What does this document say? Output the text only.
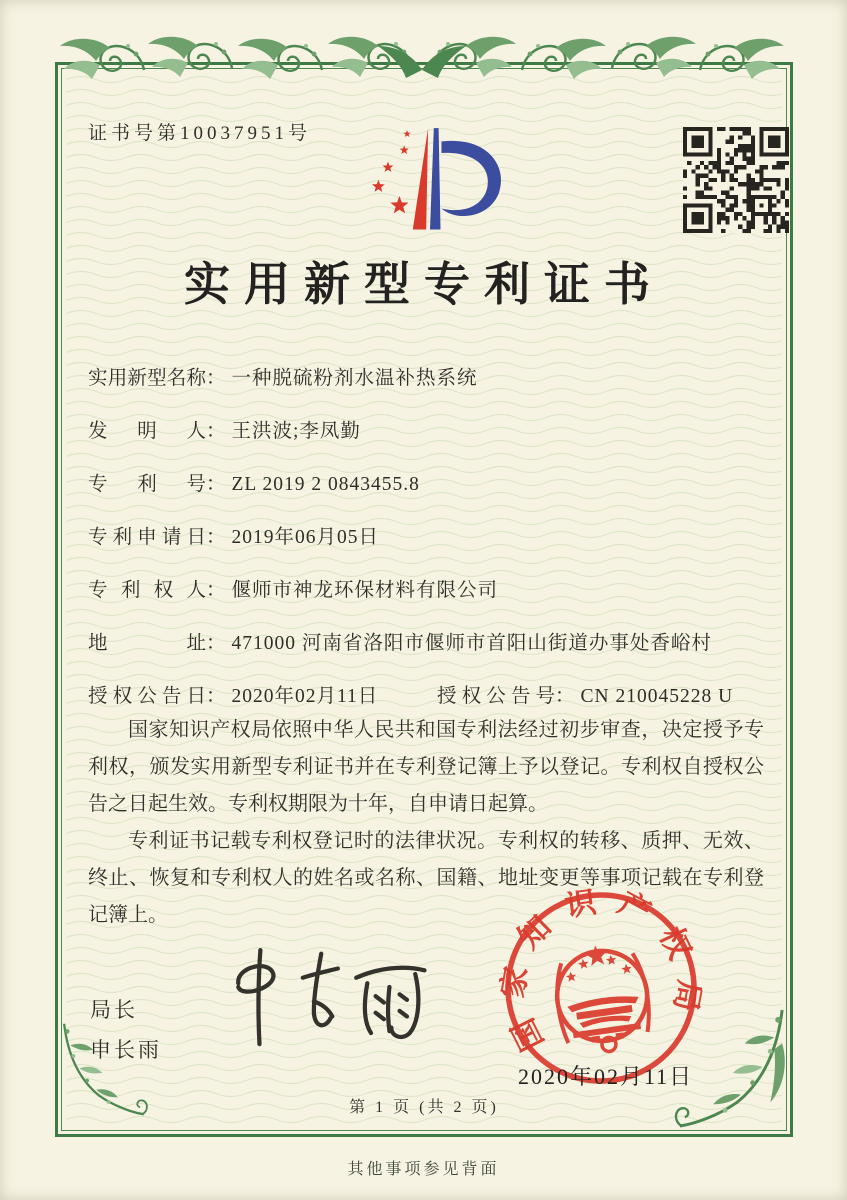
证书号第10037951号
实用新型专利证书
实用新型名称： 一种脱硫粉剂水温补热系统
发明人： 王洪波;李凤勤
专利号： ZL 2019 2 0843455.8
专利申请日： 2019年06月05日
专利权人： 偃师市神龙环保材料有限公司
地址： 471000 河南省洛阳市偃师市首阳山街道办事处香峪村
授权公告日： 2020年02月11日	授权公告号： CN 210045228 U

国家知识产权局依照中华人民共和国专利法经过初步审查，决定授予专利权，颁发实用新型专利证书并在专利登记簿上予以登记。专利权自授权公告之日起生效。专利权期限为十年，自申请日起算。

专利证书记载专利权登记时的法律状况。专利权的转移、质押、无效、终止、恢复和专利权人的姓名或名称、国籍、地址变更等事项记载在专利登记簿上。

局长
申长雨	国家知识产权局
2020年02月11日
第 1 页 (共 2 页)
其他事项参见背面
